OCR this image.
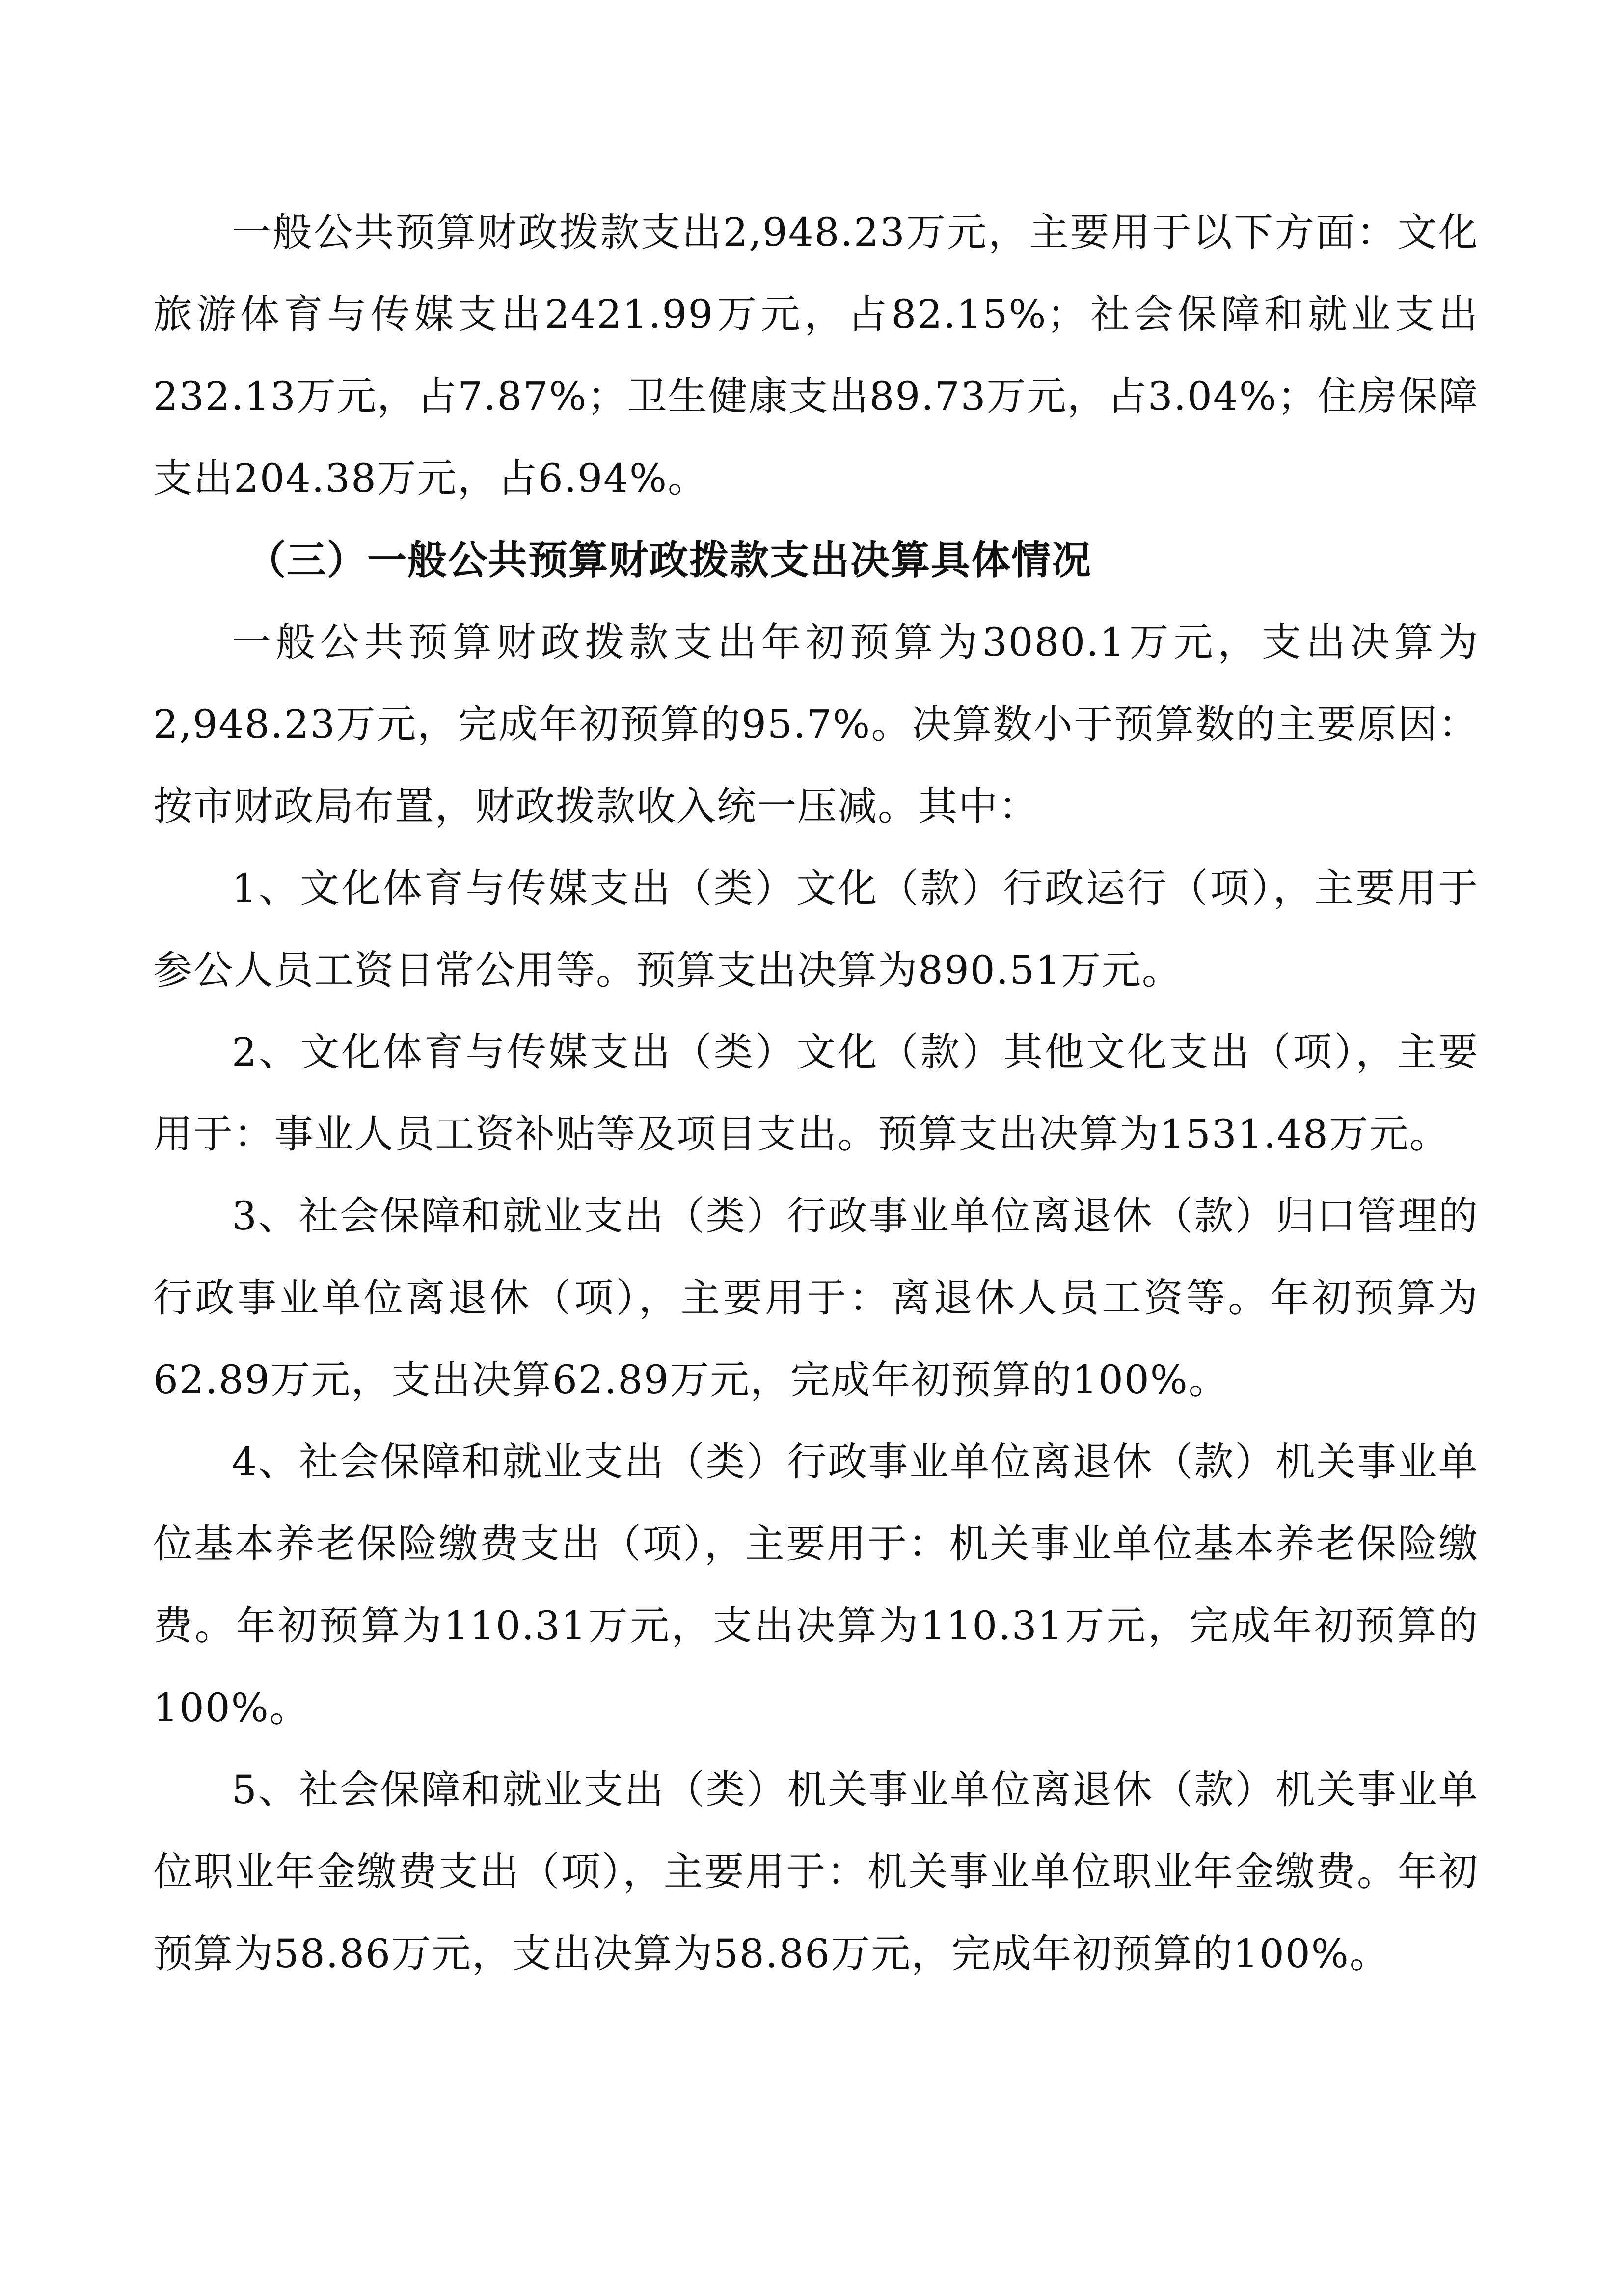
一般公共预算财政拨款支出2,948.23万元，主要用于以下方面：文化旅游体育与传媒支出2421.99万元，占82.15%；社会保障和就业支出232.13万元，占7.87%；卫生健康支出89.73万元，占3.04%；住房保障支出204.38万元，占6.94%。

（三）一般公共预算财政拨款支出决算具体情况

一般公共预算财政拨款支出年初预算为3080.1万元，支出决算为2,948.23万元，完成年初预算的95.7%。决算数小于预算数的主要原因：按市财政局布置，财政拨款收入统一压减。其中：

1、文化体育与传媒支出（类）文化（款）行政运行（项），主要用于参公人员工资日常公用等。预算支出决算为890.51万元。

2、文化体育与传媒支出（类）文化（款）其他文化支出（项），主要用于：事业人员工资补贴等及项目支出。预算支出决算为1531.48万元。

3、社会保障和就业支出（类）行政事业单位离退休（款）归口管理的行政事业单位离退休（项），主要用于：离退休人员工资等。年初预算为62.89万元，支出决算62.89万元，完成年初预算的100%。

4、社会保障和就业支出（类）行政事业单位离退休（款）机关事业单位基本养老保险缴费支出（项），主要用于：机关事业单位基本养老保险缴费。年初预算为110.31万元，支出决算为110.31万元，完成年初预算的100%。

5、社会保障和就业支出（类）机关事业单位离退休（款）机关事业单位职业年金缴费支出（项），主要用于：机关事业单位职业年金缴费。年初预算为58.86万元，支出决算为58.86万元，完成年初预算的100%。
